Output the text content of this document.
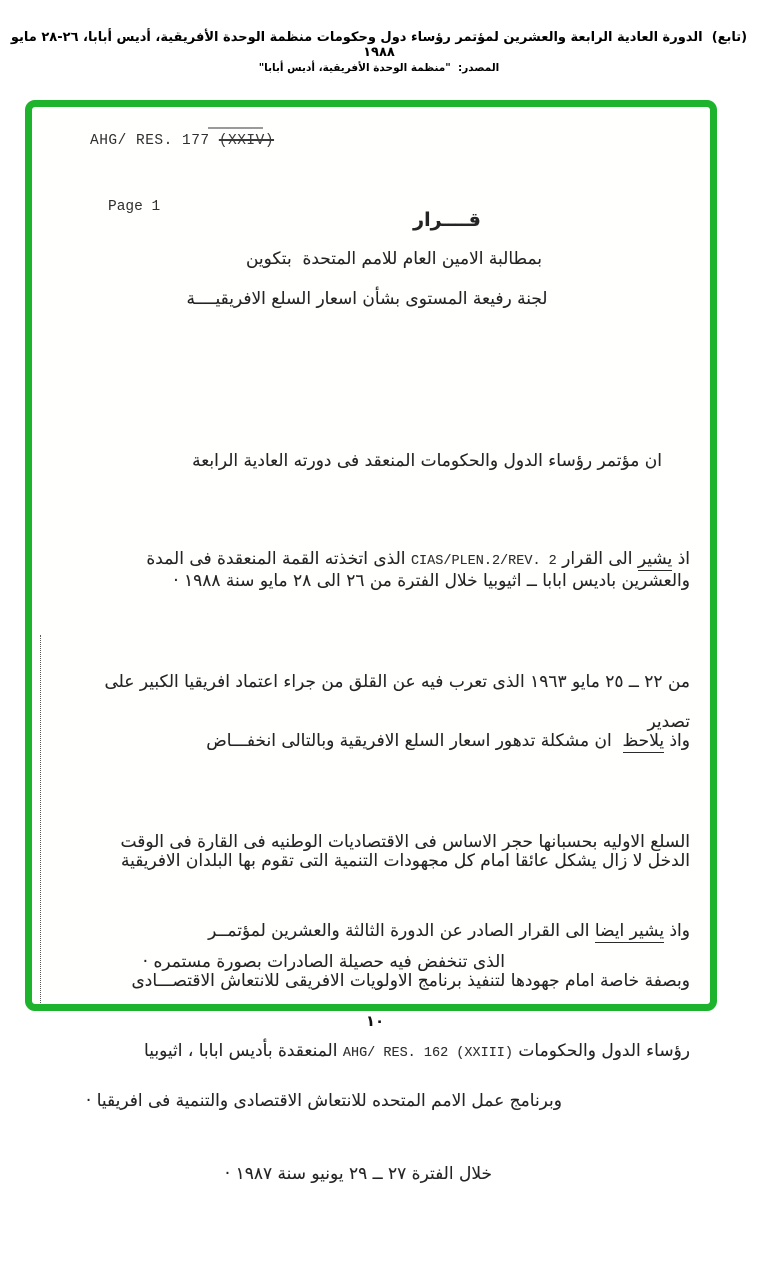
(تابع)  الدورة العادية الرابعة والعشرين لمؤتمر رؤساء دول وحكومات منظمة الوحدة الأفريقية، أديس أبابا، ٢٦-٢٨ مايو ١٩٨٨
المصدر:  "منظمة الوحدة الأفريقية، أديس أبابا"
AHG/ RES. 177 (XXIV)
Page 1
قــــرار
بمطالبة الامين العام للامم المتحدة  بتكوين
لجنة رفيعة المستوى بشأن اسعار السلع الافريقيــــة

ان مؤتمر رؤساء الدول والحكومات المنعقد فى دورته العادية الرابعة

والعشرين باديس ابابا ــ اثيوبيا خلال الفترة من ٢٦ الى ٢٨ مايو سنة ١٩٨٨ ·

اذ يشير الى القرار CIAS/PLEN.2/REV. 2 الذى اتخذته القمة المنعقدة فى المدة

من ٢٢ ــ ٢٥ مايو ١٩٦٣ الذى تعرب فيه عن القلق من جراء اعتماد افريقيا الكبير على تصدير

السلع الاوليه بحسبانها حجر الاساس فى الاقتصاديات الوطنيه فى القارة فى الوقت

الذى تنخفض فيه حصيلة الصادرات بصورة مستمره ·

واذ يلاحظ  ان مشكلة تدهور اسعار السلع الافريقية وبالتالى انخفـــاض

الدخل لا زال يشكل عائقا امام كل مجهودات التنمية التى تقوم بها البلدان الافريقية

وبصفة خاصة امام جهودها لتنفيذ برنامج الاولويات الافريقى للانتعاش الاقتصـــادى

وبرنامج عمل الامم المتحده للانتعاش الاقتصادى والتنمية فى افريقيا ·

واذ يشير ايضا الى القرار الصادر عن الدورة الثالثة والعشرين لمؤتمــر

رؤساء الدول والحكومات AHG/ RES. 162 (XXIII) المنعقدة بأديس ابابا ، اثيوبيا

خلال الفترة ٢٧ ــ ٢٩ يونيو سنة ١٩٨٧ ·

١٠
